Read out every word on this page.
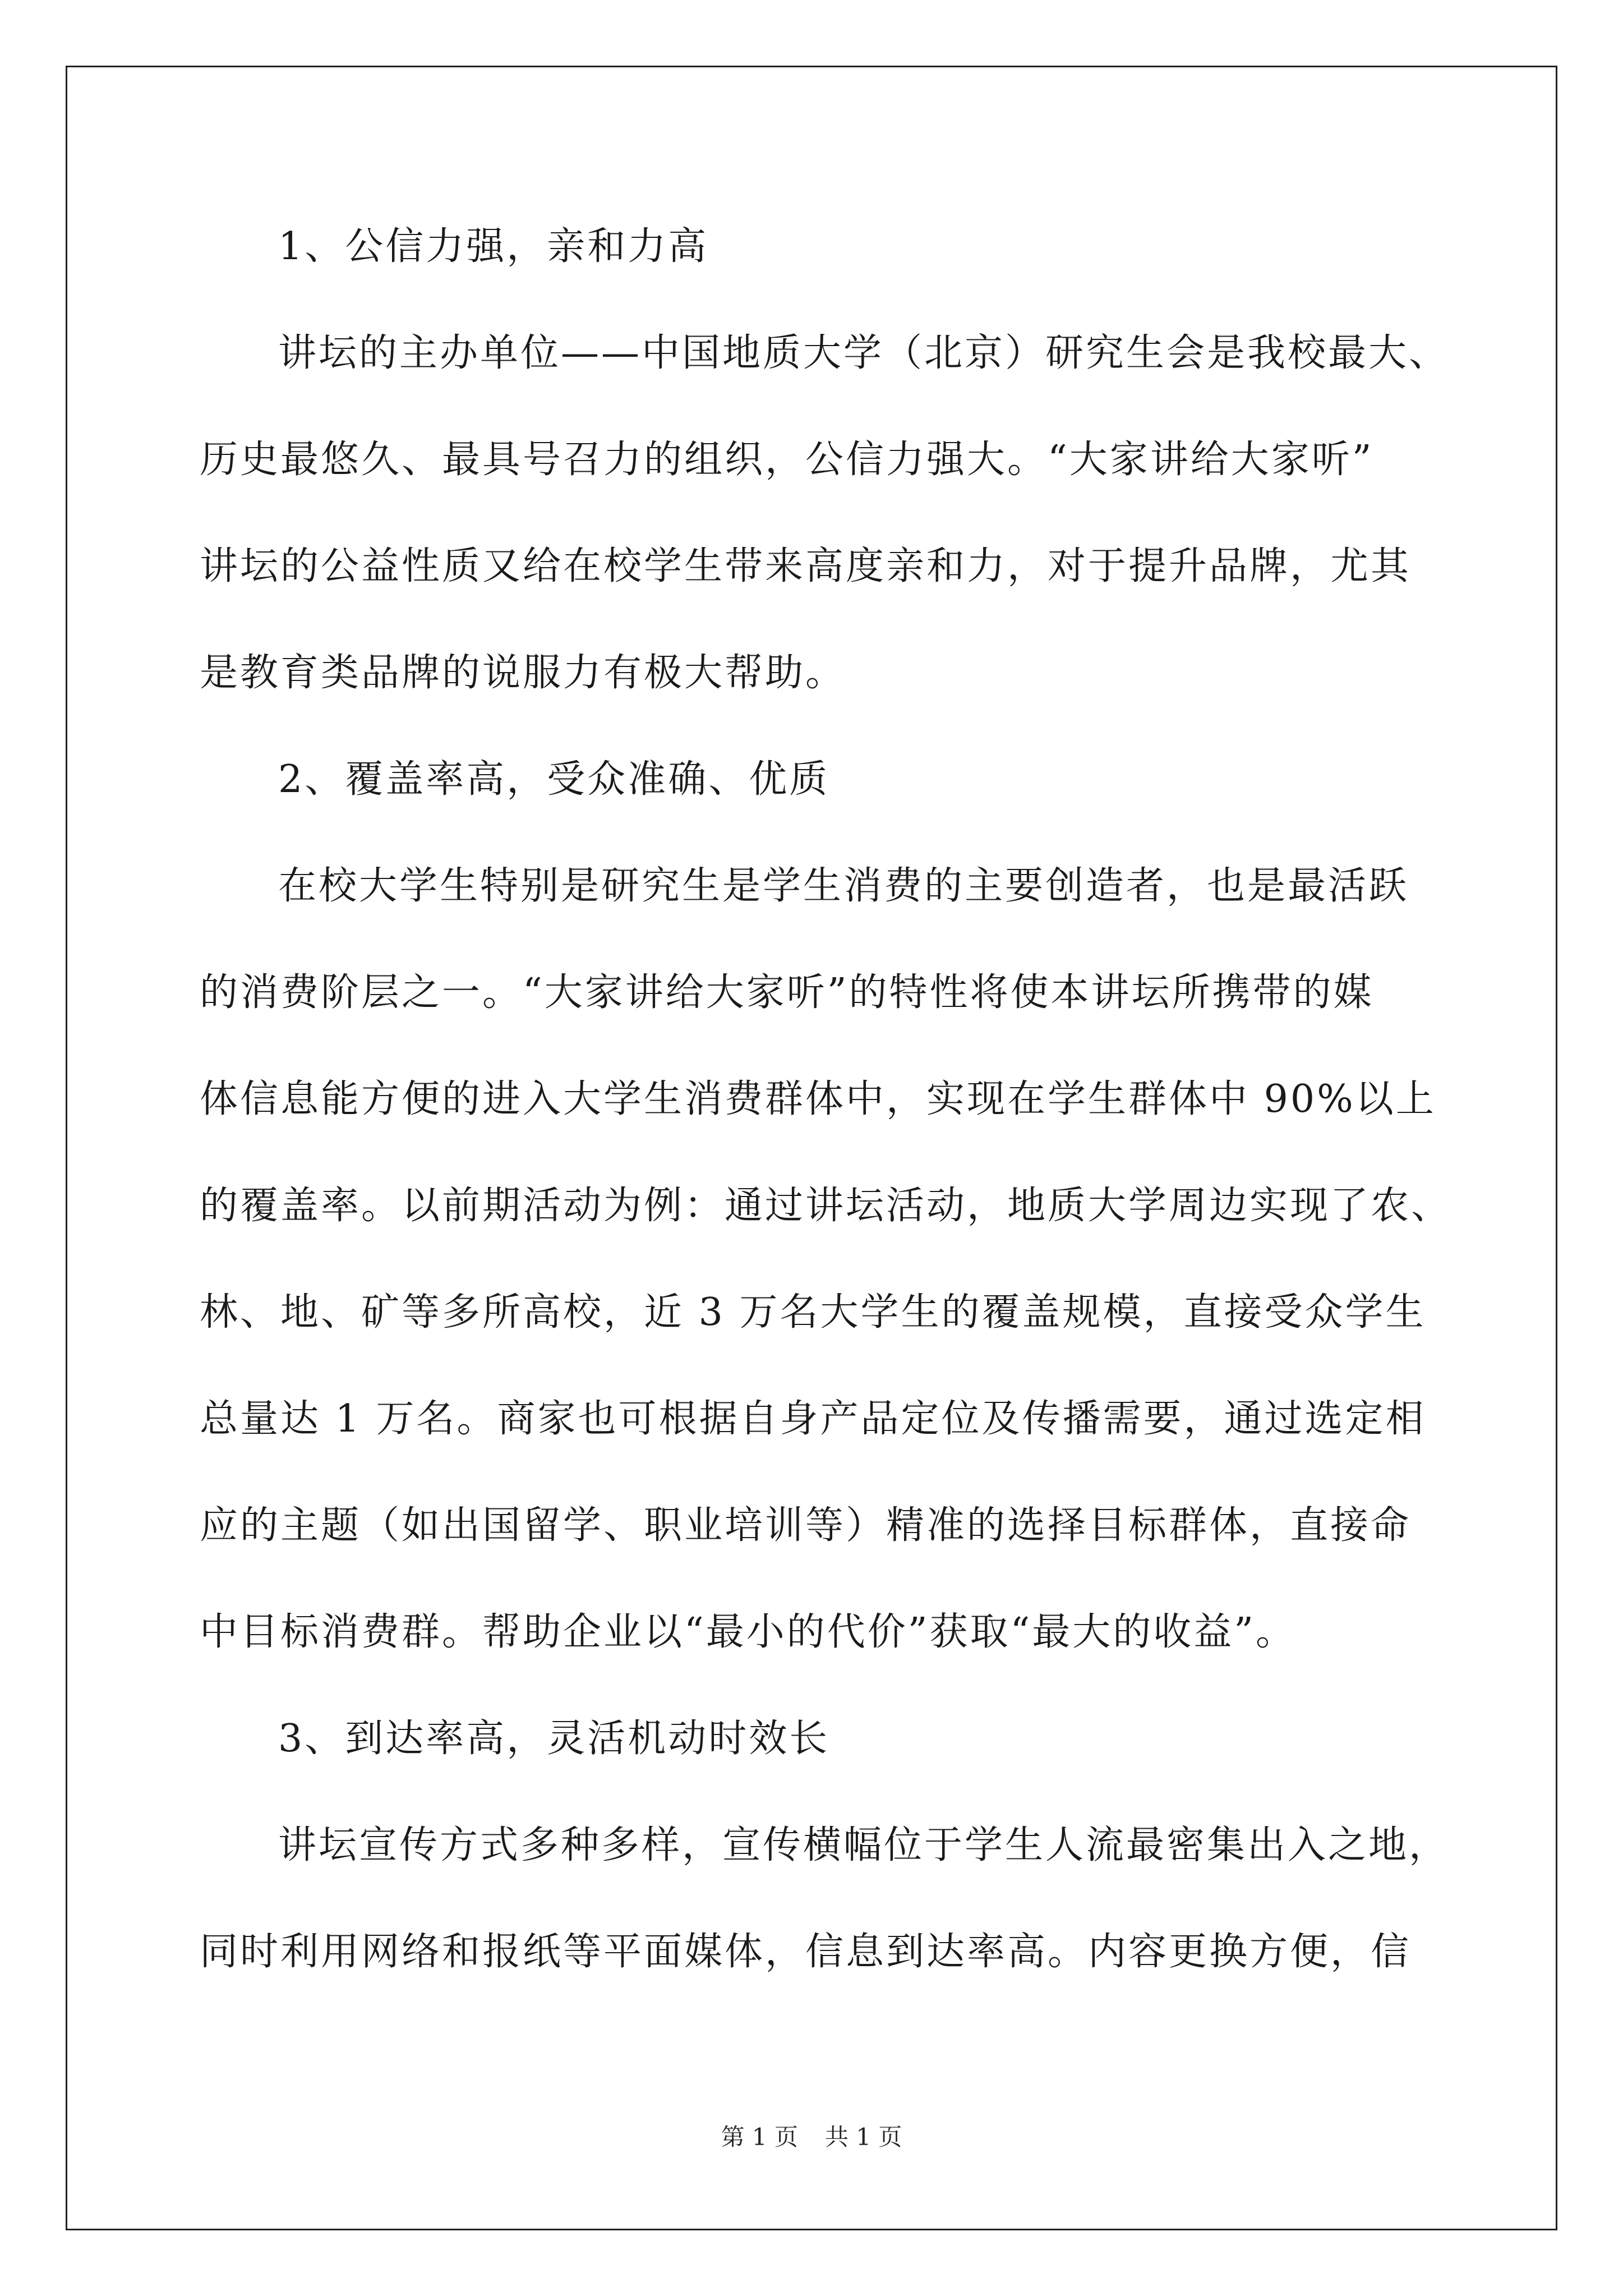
1、公信力强，亲和力高
讲坛的主办单位——中国地质大学（北京）研究生会是我校最大、
历史最悠久、最具号召力的组织，公信力强大。“大家讲给大家听”
讲坛的公益性质又给在校学生带来高度亲和力，对于提升品牌，尤其
是教育类品牌的说服力有极大帮助。
2、覆盖率高，受众准确、优质
在校大学生特别是研究生是学生消费的主要创造者，也是最活跃
的消费阶层之一。“大家讲给大家听”的特性将使本讲坛所携带的媒
体信息能方便的进入大学生消费群体中，实现在学生群体中 90%以上
的覆盖率。以前期活动为例：通过讲坛活动，地质大学周边实现了农、
林、地、矿等多所高校，近 3 万名大学生的覆盖规模，直接受众学生
总量达 1 万名。商家也可根据自身产品定位及传播需要，通过选定相
应的主题（如出国留学、职业培训等）精准的选择目标群体，直接命
中目标消费群。帮助企业以“最小的代价”获取“最大的收益”。
3、到达率高，灵活机动时效长
讲坛宣传方式多种多样，宣传横幅位于学生人流最密集出入之地，
同时利用网络和报纸等平面媒体，信息到达率高。内容更换方便，信
第 1 页 共 1 页
